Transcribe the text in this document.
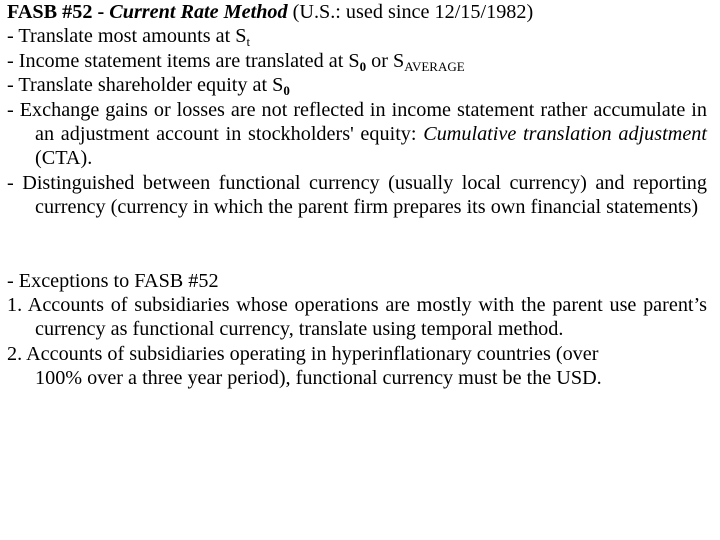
FASB #52 - Current Rate Method (U.S.: used since 12/15/1982)
- Translate most amounts at $S_t$
- Income statement items are translated at $S_0$ or $S_{AVERAGE}$
- Translate shareholder equity at $S_0$
- Exchange gains or losses are not reflected in income statement rather accumulate in an adjustment account in stockholders' equity: Cumulative translation adjustment (CTA).
- Distinguished between functional currency (usually local currency) and reporting currency (currency in which the parent firm prepares its own financial statements)
- Exceptions to FASB #52
1. Accounts of subsidiaries whose operations are mostly with the parent use parent’s currency as functional currency, translate using temporal method.
2. Accounts of subsidiaries operating in hyperinflationary countries (over
100% over a three year period), functional currency must be the USD.
